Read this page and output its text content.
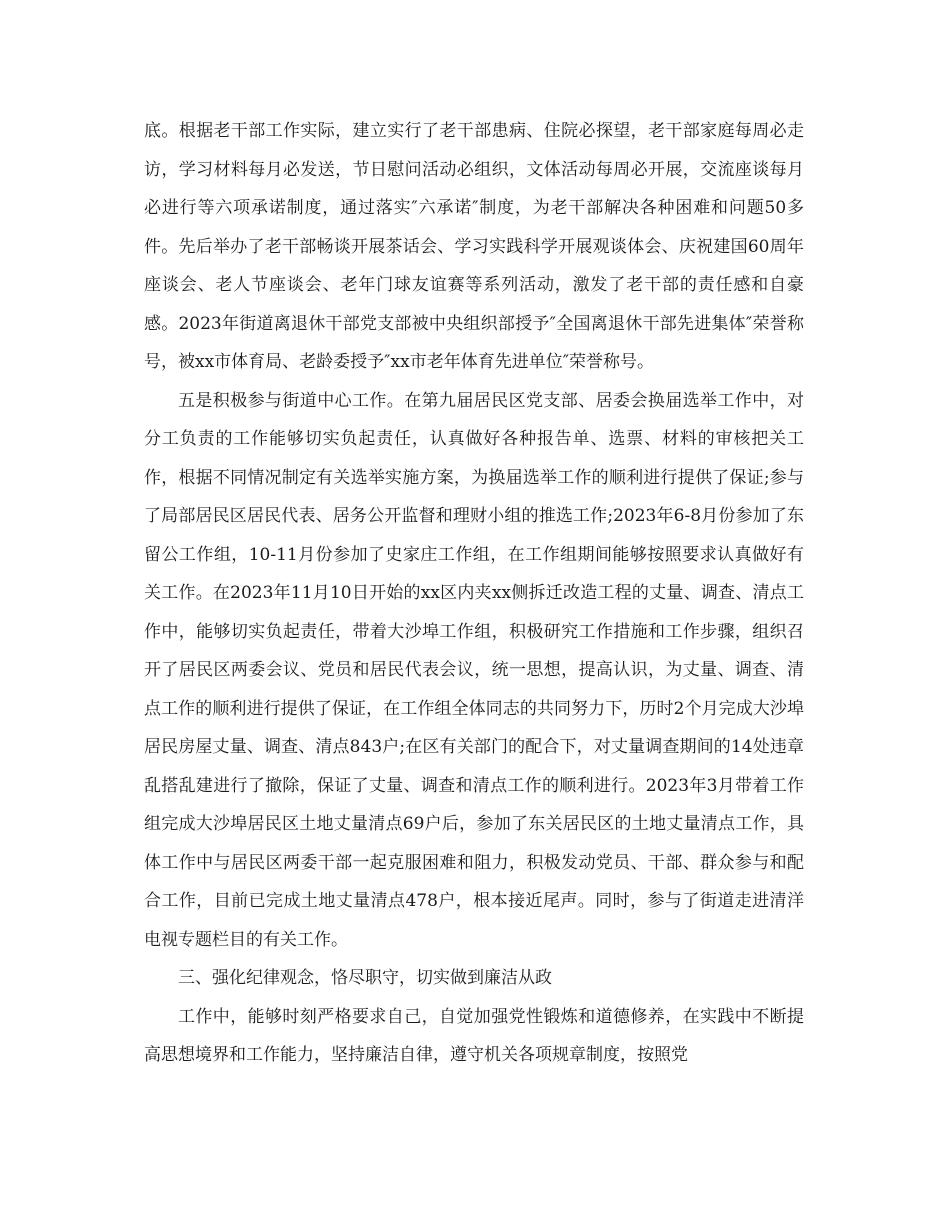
底。根据老干部工作实际，建立实行了老干部患病、住院必探望，老干部家庭每周必走访，学习材料每月必发送，节日慰问活动必组织，文体活动每周必开展，交流座谈每月必进行等六项承诺制度，通过落实″六承诺″制度，为老干部解决各种困难和问题50多件。先后举办了老干部畅谈开展茶话会、学习实践科学开展观谈体会、庆祝建国60周年座谈会、老人节座谈会、老年门球友谊赛等系列活动，激发了老干部的责任感和自豪感。2023年街道离退休干部党支部被中央组织部授予″全国离退休干部先进集体″荣誉称号，被xx市体育局、老龄委授予″xx市老年体育先进单位″荣誉称号。

五是积极参与街道中心工作。在第九届居民区党支部、居委会换届选举工作中，对分工负责的工作能够切实负起责任，认真做好各种报告单、选票、材料的审核把关工作，根据不同情况制定有关选举实施方案，为换届选举工作的顺利进行提供了保证;参与了局部居民区居民代表、居务公开监督和理财小组的推选工作;2023年6-8月份参加了东留公工作组，10-11月份参加了史家庄工作组，在工作组期间能够按照要求认真做好有关工作。在2023年11月10日开始的xx区内夹xx侧拆迁改造工程的丈量、调查、清点工作中，能够切实负起责任，带着大沙埠工作组，积极研究工作措施和工作步骤，组织召开了居民区两委会议、党员和居民代表会议，统一思想，提高认识，为丈量、调查、清点工作的顺利进行提供了保证，在工作组全体同志的共同努力下，历时2个月完成大沙埠居民房屋丈量、调查、清点843户;在区有关部门的配合下，对丈量调查期间的14处违章乱搭乱建进行了撤除，保证了丈量、调查和清点工作的顺利进行。2023年3月带着工作组完成大沙埠居民区土地丈量清点69户后，参加了东关居民区的土地丈量清点工作，具体工作中与居民区两委干部一起克服困难和阻力，积极发动党员、干部、群众参与和配合工作，目前已完成土地丈量清点478户，根本接近尾声。同时，参与了街道走进清洋电视专题栏目的有关工作。

三、强化纪律观念，恪尽职守，切实做到廉洁从政

工作中，能够时刻严格要求自己，自觉加强党性锻炼和道德修养，在实践中不断提高思想境界和工作能力，坚持廉洁自律，遵守机关各项规章制度，按照党
